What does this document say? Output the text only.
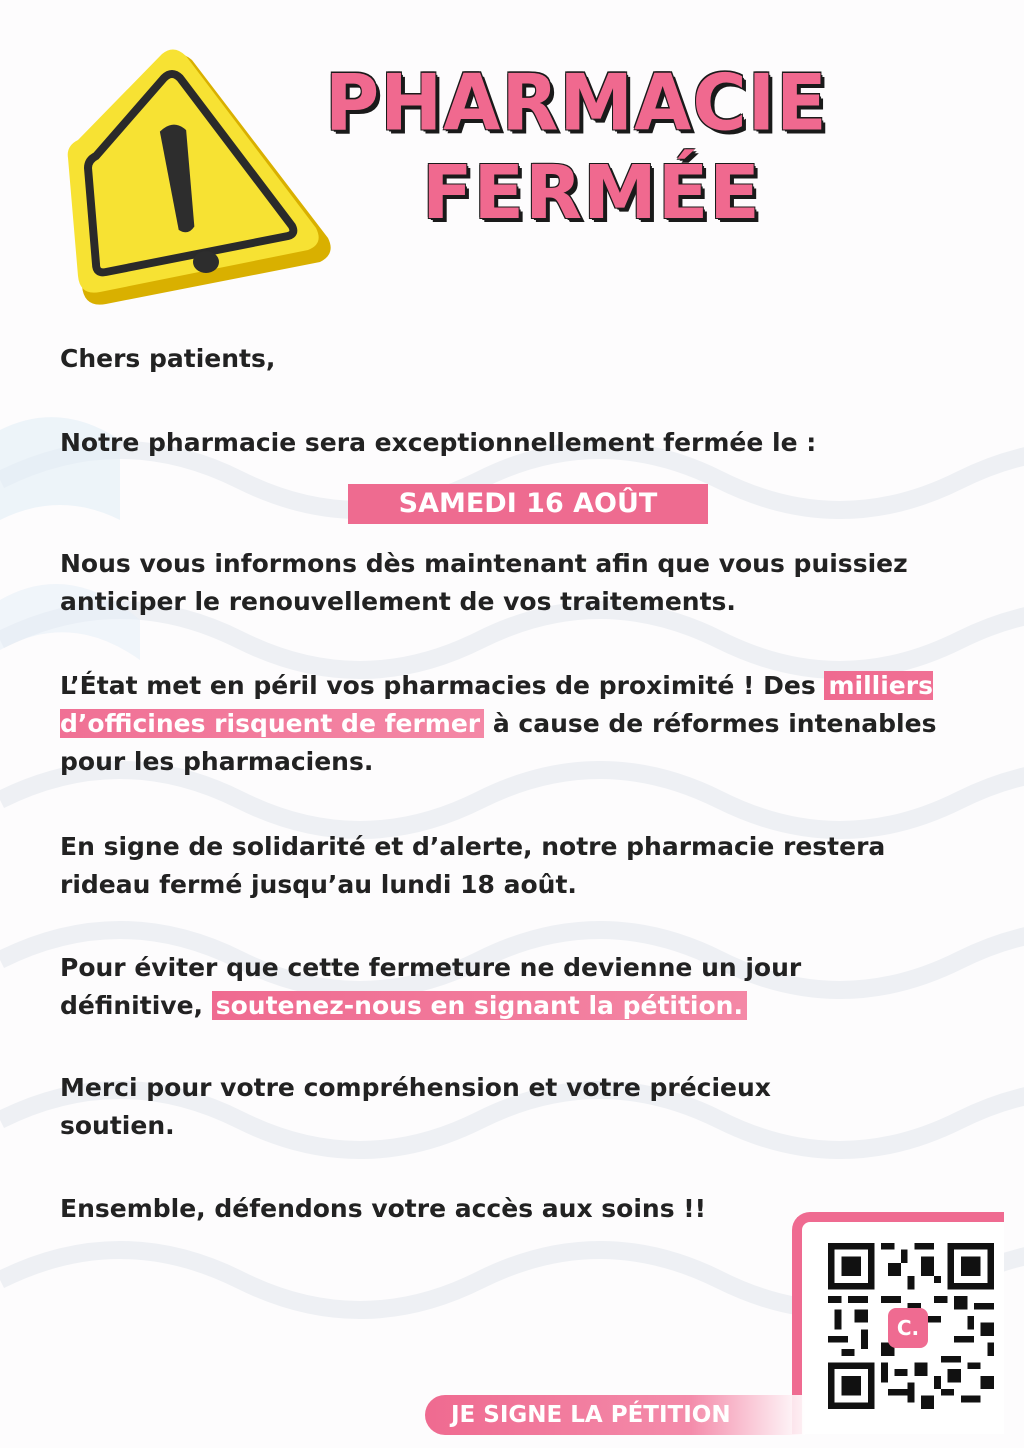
PHARMACIE
FERMÉE

Chers patients,

Notre pharmacie sera exceptionnellement fermée le :

SAMEDI 16 AOÛT

Nous vous informons dès maintenant afin que vous puissiez anticiper le renouvellement de vos traitements.

L’État met en péril vos pharmacies de proximité ! Des milliers d’officines risquent de fermer à cause de réformes intenables pour les pharmaciens.

En signe de solidarité et d’alerte, notre pharmacie restera rideau fermé jusqu’au lundi 18 août.

Pour éviter que cette fermeture ne devienne un jour définitive, soutenez-nous en signant la pétition.

Merci pour votre compréhension et votre précieux soutien.

Ensemble, défendons votre accès aux soins !!

C.
JE SIGNE LA PÉTITION
